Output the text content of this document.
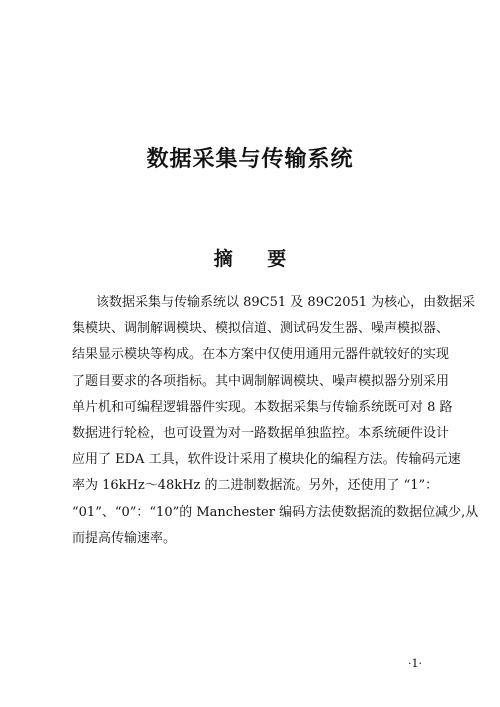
数据采集与传输系统
摘 要
该数据采集与传输系统以 89C51 及 89C2051 为核心，由数据采
集模块、调制解调模块、模拟信道、测试码发生器、噪声模拟器、
结果显示模块等构成。在本方案中仅使用通用元器件就较好的实现
了题目要求的各项指标。其中调制解调模块、噪声模拟器分别采用
单片机和可编程逻辑器件实现。本数据采集与传输系统既可对 8 路
数据进行轮检，也可设置为对一路数据单独监控。本系统硬件设计
应用了 EDA 工具，软件设计采用了模块化的编程方法。传输码元速
率为 16kHz～48kHz 的二进制数据流。另外，还使用了 “1”：
“01”、“0”：“10”的 Manchester 编码方法使数据流的数据位减少,从
而提高传输速率。
·1·
